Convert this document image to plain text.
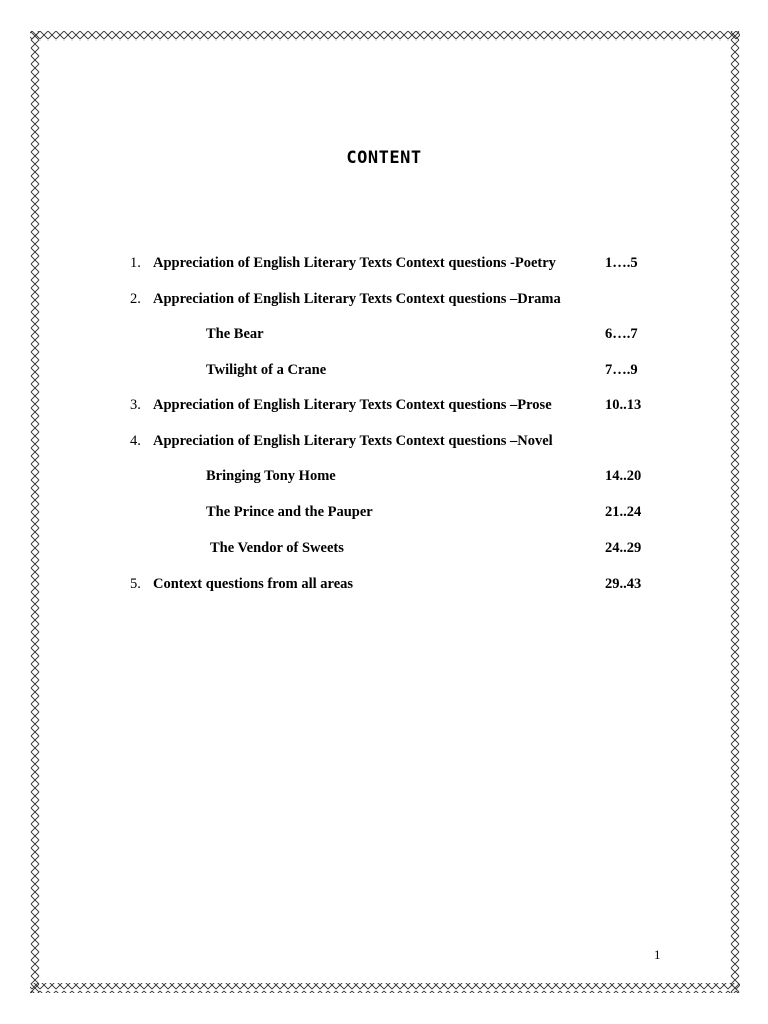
CONTENT
1. Appreciation of English Literary Texts Context questions -Poetry	1….5
2. Appreciation of English Literary Texts Context questions –Drama
The Bear	6….7
Twilight of a Crane	7….9
3. Appreciation of English Literary Texts Context questions –Prose	10..13
4. Appreciation of English Literary Texts Context questions –Novel
Bringing Tony Home	14..20
The Prince and the Pauper	21..24
The Vendor of Sweets	24..29
5. Context questions from all areas	29..43
1
